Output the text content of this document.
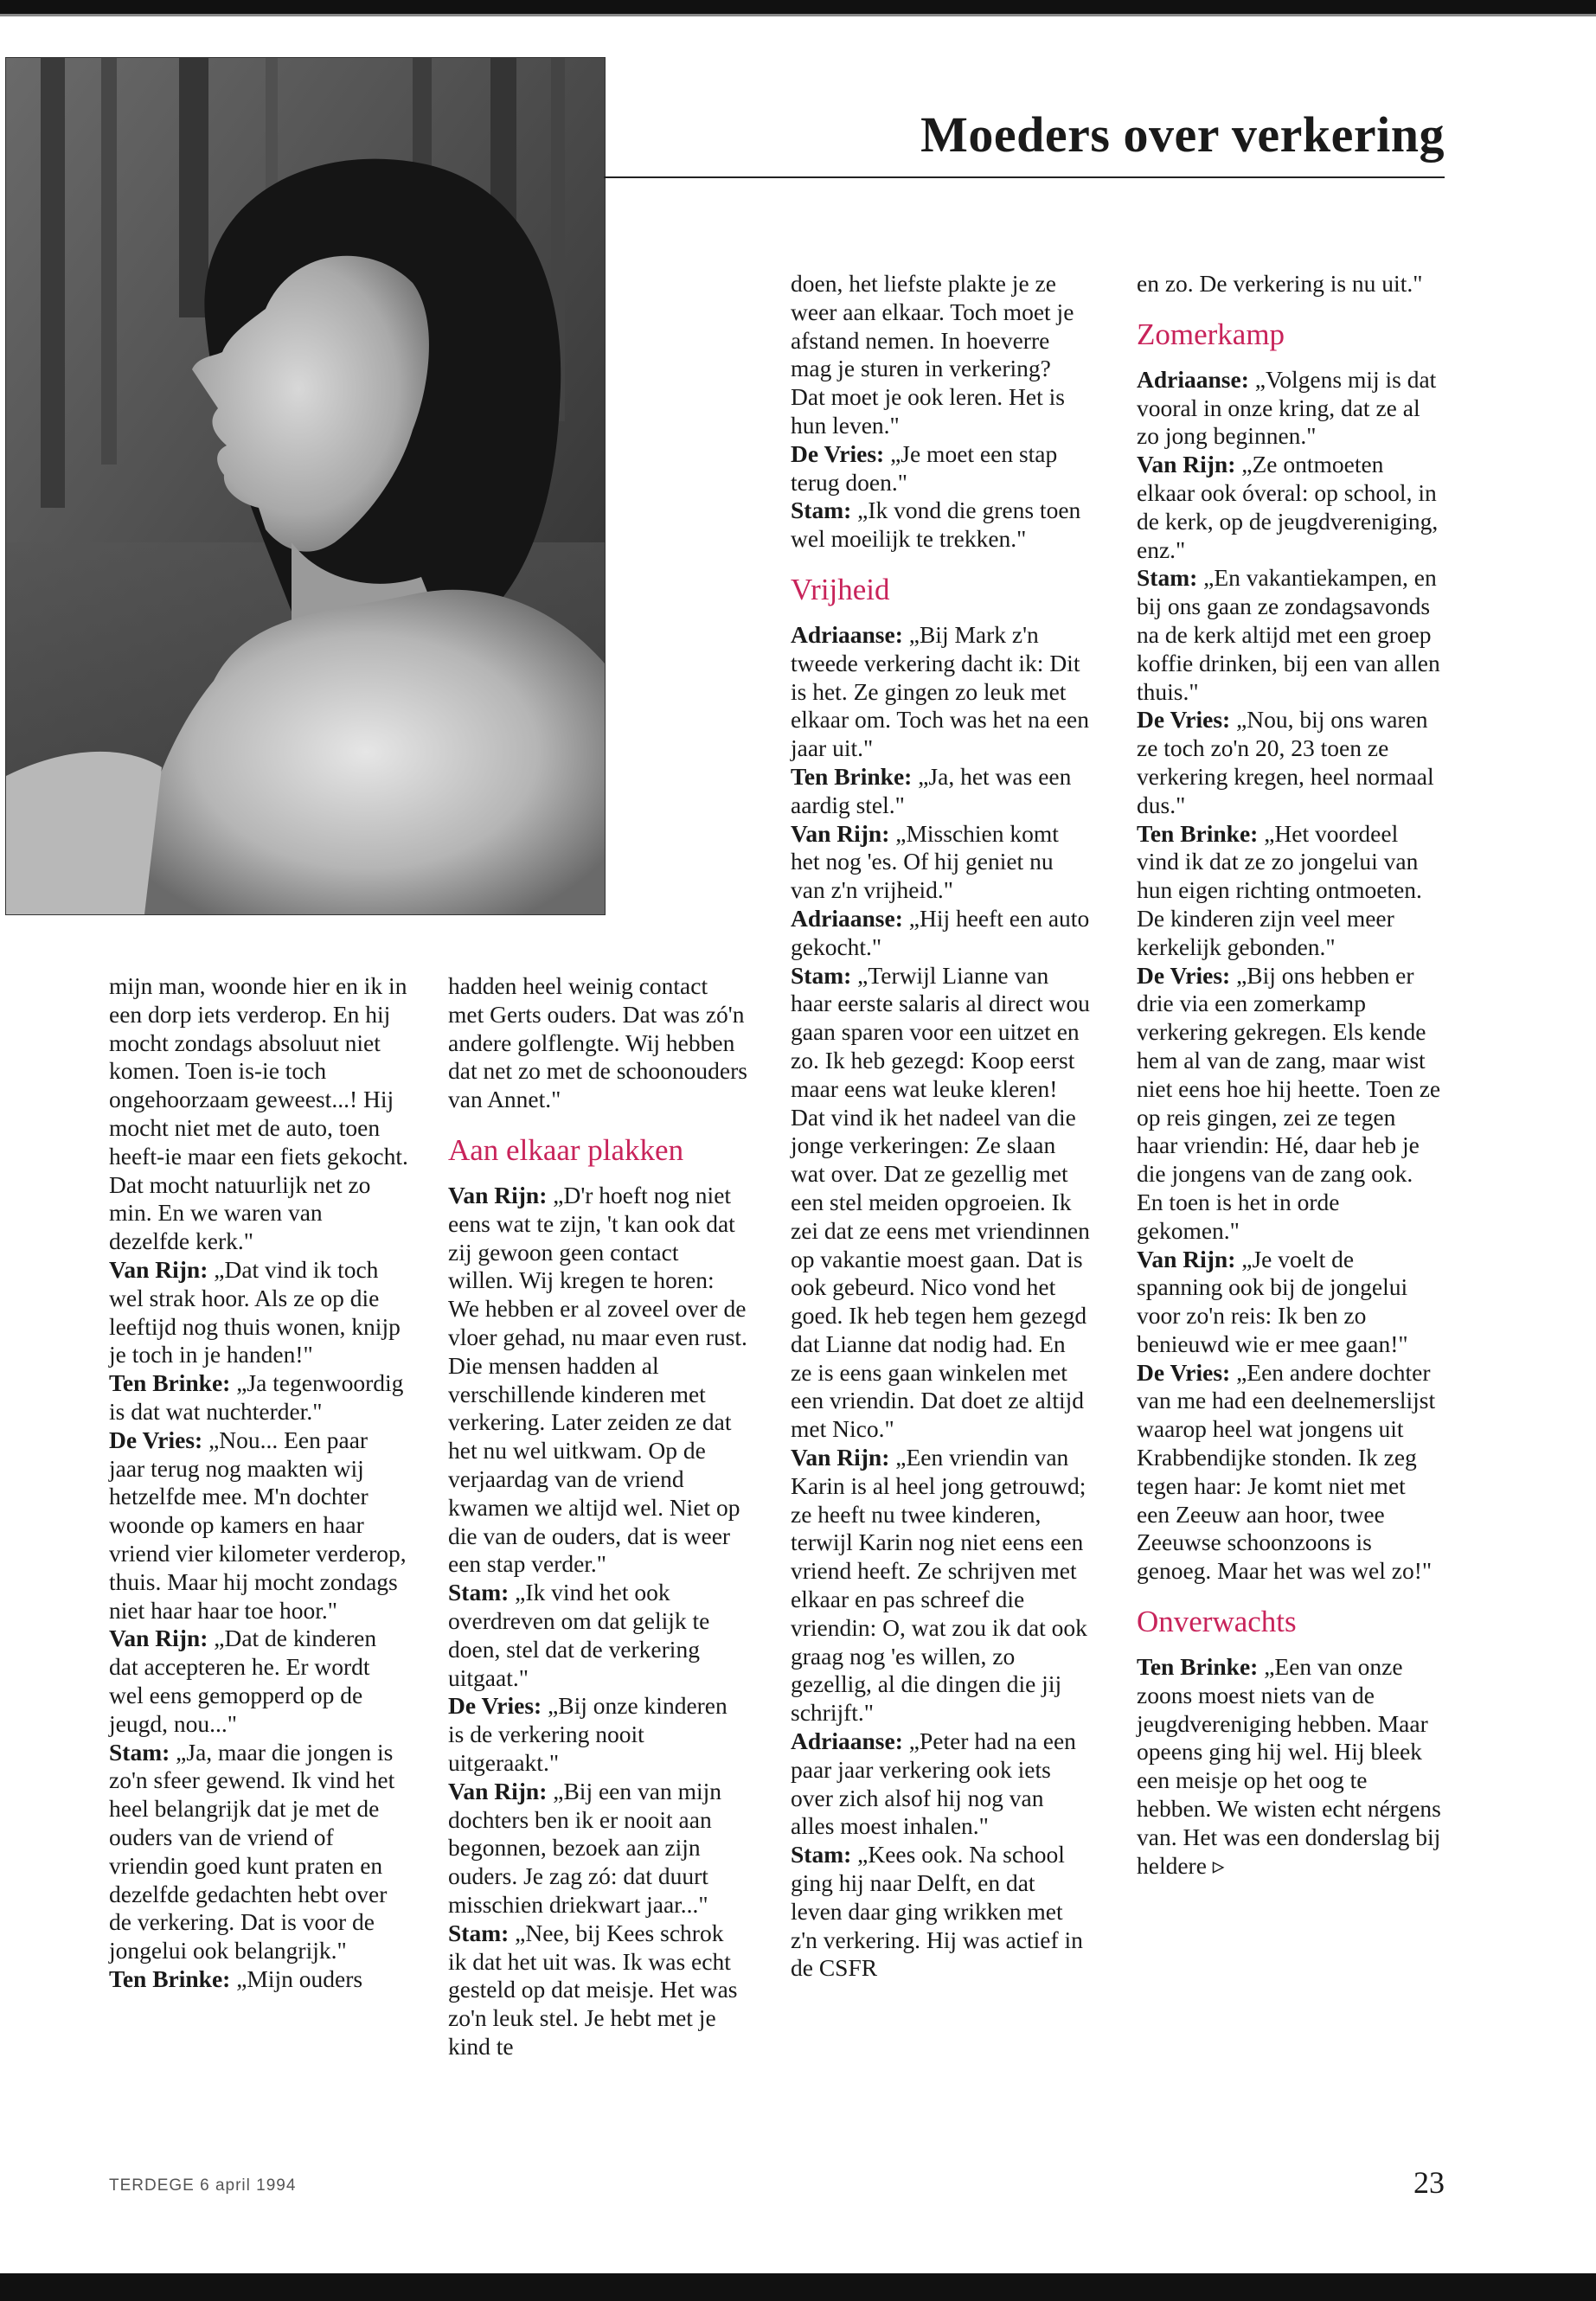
Moeders over verkering

mijn man, woonde hier en ik in een dorp iets verderop. En hij mocht zondags absoluut niet komen. Toen is-ie toch ongehoorzaam geweest...! Hij mocht niet met de auto, toen heeft-ie maar een fiets gekocht. Dat mocht natuurlijk net zo min. En we waren van dezelfde kerk."

Van Rijn: „Dat vind ik toch wel strak hoor. Als ze op die leeftijd nog thuis wonen, knijp je toch in je handen!"

Ten Brinke: „Ja tegenwoordig is dat wat nuchterder."

De Vries: „Nou... Een paar jaar terug nog maakten wij hetzelfde mee. M'n dochter woonde op kamers en haar vriend vier kilometer verderop, thuis. Maar hij mocht zondags niet haar haar toe hoor."

Van Rijn: „Dat de kinderen dat accepteren he. Er wordt wel eens gemopperd op de jeugd, nou..."

Stam: „Ja, maar die jongen is zo'n sfeer gewend. Ik vind het heel belangrijk dat je met de ouders van de vriend of vriendin goed kunt praten en dezelfde gedachten hebt over de verkering. Dat is voor de jongelui ook belangrijk."

Ten Brinke: „Mijn ouders

hadden heel weinig contact met Gerts ouders. Dat was zó'n andere golflengte. Wij hebben dat net zo met de schoonouders van Annet."

Aan elkaar plakken

Van Rijn: „D'r hoeft nog niet eens wat te zijn, 't kan ook dat zij gewoon geen contact willen. Wij kregen te horen: We hebben er al zoveel over de vloer gehad, nu maar even rust. Die mensen hadden al verschillende kinderen met verkering. Later zeiden ze dat het nu wel uitkwam. Op de verjaardag van de vriend kwamen we altijd wel. Niet op die van de ouders, dat is weer een stap verder."

Stam: „Ik vind het ook overdreven om dat gelijk te doen, stel dat de verkering uitgaat."

De Vries: „Bij onze kinderen is de verkering nooit uitgeraakt."

Van Rijn: „Bij een van mijn dochters ben ik er nooit aan begonnen, bezoek aan zijn ouders. Je zag zó: dat duurt misschien driekwart jaar..."

Stam: „Nee, bij Kees schrok ik dat het uit was. Ik was echt gesteld op dat meisje. Het was zo'n leuk stel. Je hebt met je kind te

doen, het liefste plakte je ze weer aan elkaar. Toch moet je afstand nemen. In hoeverre mag je sturen in verkering? Dat moet je ook leren. Het is hun leven."

De Vries: „Je moet een stap terug doen."

Stam: „Ik vond die grens toen wel moeilijk te trekken."

Vrijheid

Adriaanse: „Bij Mark z'n tweede verkering dacht ik: Dit is het. Ze gingen zo leuk met elkaar om. Toch was het na een jaar uit."

Ten Brinke: „Ja, het was een aardig stel."

Van Rijn: „Misschien komt het nog 'es. Of hij geniet nu van z'n vrijheid."

Adriaanse: „Hij heeft een auto gekocht."

Stam: „Terwijl Lianne van haar eerste salaris al direct wou gaan sparen voor een uitzet en zo. Ik heb gezegd: Koop eerst maar eens wat leuke kleren! Dat vind ik het nadeel van die jonge verkeringen: Ze slaan wat over. Dat ze gezellig met een stel meiden opgroeien. Ik zei dat ze eens met vriendinnen op vakantie moest gaan. Dat is ook gebeurd. Nico vond het goed. Ik heb tegen hem gezegd dat Lianne dat nodig had. En ze is eens gaan winkelen met een vriendin. Dat doet ze altijd met Nico."

Van Rijn: „Een vriendin van Karin is al heel jong getrouwd; ze heeft nu twee kinderen, terwijl Karin nog niet eens een vriend heeft. Ze schrijven met elkaar en pas schreef die vriendin: O, wat zou ik dat ook graag nog 'es willen, zo gezellig, al die dingen die jij schrijft."

Adriaanse: „Peter had na een paar jaar verkering ook iets over zich alsof hij nog van alles moest inhalen."

Stam: „Kees ook. Na school ging hij naar Delft, en dat leven daar ging wrikken met z'n verkering. Hij was actief in de CSFR

en zo. De verkering is nu uit."

Zomerkamp

Adriaanse: „Volgens mij is dat vooral in onze kring, dat ze al zo jong beginnen."

Van Rijn: „Ze ontmoeten elkaar ook óveral: op school, in de kerk, op de jeugdvereniging, enz."

Stam: „En vakantiekampen, en bij ons gaan ze zondagsavonds na de kerk altijd met een groep koffie drinken, bij een van allen thuis."

De Vries: „Nou, bij ons waren ze toch zo'n 20, 23 toen ze verkering kregen, heel normaal dus."

Ten Brinke: „Het voordeel vind ik dat ze zo jongelui van hun eigen richting ontmoeten. De kinderen zijn veel meer kerkelijk gebonden."

De Vries: „Bij ons hebben er drie via een zomerkamp verkering gekregen. Els kende hem al van de zang, maar wist niet eens hoe hij heette. Toen ze op reis gingen, zei ze tegen haar vriendin: Hé, daar heb je die jongens van de zang ook. En toen is het in orde gekomen."

Van Rijn: „Je voelt de spanning ook bij de jongelui voor zo'n reis: Ik ben zo benieuwd wie er mee gaan!"

De Vries: „Een andere dochter van me had een deelnemerslijst waarop heel wat jongens uit Krabbendijke stonden. Ik zeg tegen haar: Je komt niet met een Zeeuw aan hoor, twee Zeeuwse schoonzoons is genoeg. Maar het was wel zo!"

Onverwachts

Ten Brinke: „Een van onze zoons moest niets van de jeugdvereniging hebben. Maar opeens ging hij wel. Hij bleek een meisje op het oog te hebben. We wisten echt nérgens van. Het was een donderslag bij heldere ▹

TERDEGE 6 april 1994	23
